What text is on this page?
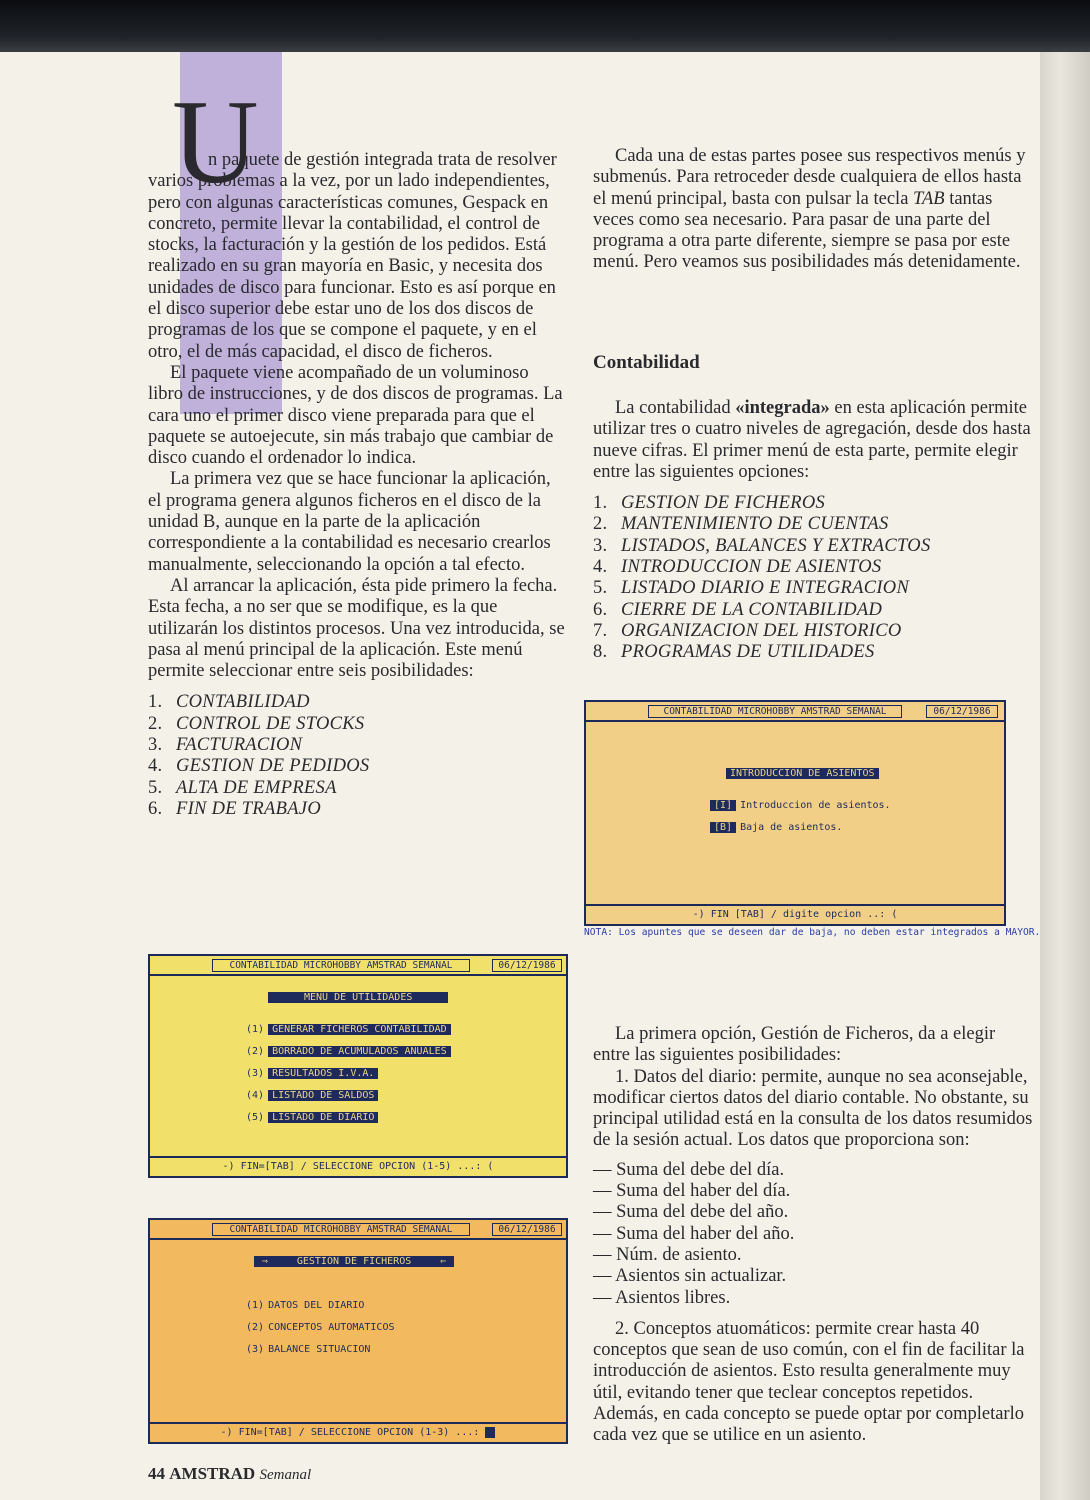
U

n paquete de gestión integrada trata de resolver varios problemas a la vez, por un lado independientes, pero con algunas características comunes, Gespack en concreto, permite llevar la contabilidad, el control de stocks, la facturación y la gestión de los pedidos. Está realizado en su gran mayoría en Basic, y necesita dos unidades de disco para funcionar. Esto es así porque en el disco superior debe estar uno de los dos discos de programas de los que se compone el paquete, y en el otro, el de más capacidad, el disco de ficheros.

El paquete viene acompañado de un voluminoso libro de instrucciones, y de dos discos de programas. La cara uno el primer disco viene preparada para que el paquete se autoejecute, sin más trabajo que cambiar de disco cuando el ordenador lo indica.

La primera vez que se hace funcionar la aplicación, el programa genera algunos ficheros en el disco de la unidad B, aunque en la parte de la aplicación correspondiente a la contabilidad es necesario crearlos manualmente, seleccionando la opción a tal efecto.

Al arrancar la aplicación, ésta pide primero la fecha. Esta fecha, a no ser que se modifique, es la que utilizarán los distintos procesos. Una vez introducida, se pasa al menú principal de la aplicación. Este menú permite seleccionar entre seis posibilidades:

1. CONTABILIDAD
2. CONTROL DE STOCKS
3. FACTURACION
4. GESTION DE PEDIDOS
5. ALTA DE EMPRESA
6. FIN DE TRABAJO

Cada una de estas partes posee sus respectivos menús y submenús. Para retroceder desde cualquiera de ellos hasta el menú principal, basta con pulsar la tecla TAB tantas veces como sea necesario. Para pasar de una parte del programa a otra parte diferente, siempre se pasa por este menú. Pero veamos sus posibilidades más detenidamente.

Contabilidad

La contabilidad «integrada» en esta aplicación permite utilizar tres o cuatro niveles de agregación, desde dos hasta nueve cifras. El primer menú de esta parte, permite elegir entre las siguientes opciones:

1. GESTION DE FICHEROS
2. MANTENIMIENTO DE CUENTAS
3. LISTADOS, BALANCES Y EXTRACTOS
4. INTRODUCCION DE ASIENTOS
5. LISTADO DIARIO E INTEGRACION
6. CIERRE DE LA CONTABILIDAD
7. ORGANIZACION DEL HISTORICO
8. PROGRAMAS DE UTILIDADES
CONTABILIDAD MICROHOBBY AMSTRAD SEMANAL	06/12/1986
INTRODUCCION DE ASIENTOS
[I] Introduccion de asientos.
[B] Baja de asientos.
-) FIN [TAB] / digite opcion ..: (
NOTA: Los apuntes que se deseen dar de baja, no deben estar integrados a MAYOR.
CONTABILIDAD MICROHOBBY AMSTRAD SEMANAL	06/12/1986
MENU DE UTILIDADES
(1) GENERAR FICHEROS CONTABILIDAD
(2) BORRADO DE ACUMULADOS ANUALES
(3) RESULTADOS I.V.A.
(4) LISTADO DE SALDOS
(5) LISTADO DE DIARIO
-) FIN=[TAB] / SELECCIONE OPCION (1-5) ...: (
CONTABILIDAD MICROHOBBY AMSTRAD SEMANAL	06/12/1986
⇒ GESTION DE FICHEROS ⇐
(1) DATOS DEL DIARIO
(2) CONCEPTOS AUTOMATICOS
(3) BALANCE SITUACION
-) FIN=[TAB] / SELECCIONE OPCION (1-3) ...:

La primera opción, Gestión de Ficheros, da a elegir entre las siguientes posibilidades:

1. Datos del diario: permite, aunque no sea aconsejable, modificar ciertos datos del diario contable. No obstante, su principal utilidad está en la consulta de los datos resumidos de la sesión actual. Los datos que proporciona son:

— Suma del debe del día.
— Suma del haber del día.
— Suma del debe del año.
— Suma del haber del año.
— Núm. de asiento.
— Asientos sin actualizar.
— Asientos libres.

2. Conceptos atuomáticos: permite crear hasta 40 conceptos que sean de uso común, con el fin de facilitar la introducción de asientos. Esto resulta generalmente muy útil, evitando tener que teclear conceptos repetidos. Además, en cada concepto se puede optar por completarlo cada vez que se utilice en un asiento.

44 AMSTRAD Semanal
